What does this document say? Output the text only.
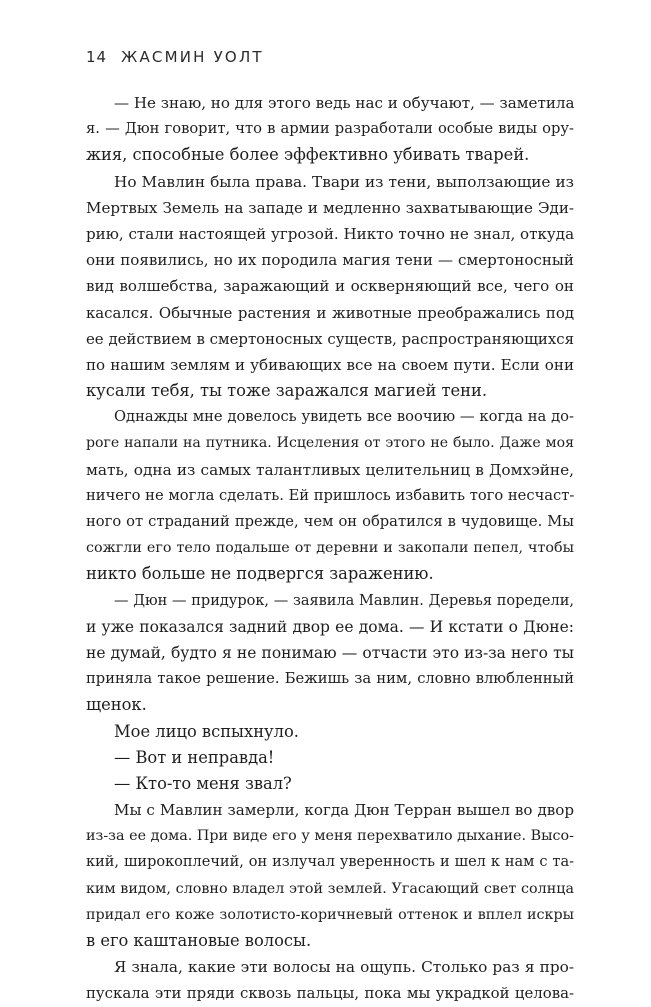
14 ЖАСМИН УОЛТ
— Не знаю, но для этого ведь нас и обучают, — заметила
я. — Дюн говорит, что в армии разработали особые виды ору-
жия, способные более эффективно убивать тварей.
Но Мавлин была права. Твари из тени, выползающие из
Мертвых Земель на западе и медленно захватывающие Эди-
рию, стали настоящей угрозой. Никто точно не знал, откуда
они появились, но их породила магия тени — смертоносный
вид волшебства, заражающий и оскверняющий все, чего он
касался. Обычные растения и животные преображались под
ее действием в смертоносных существ, распространяющихся
по нашим землям и убивающих все на своем пути. Если они
кусали тебя, ты тоже заражался магией тени.
Однажды мне довелось увидеть все воочию — когда на до-
роге напали на путника. Исцеления от этого не было. Даже моя
мать, одна из самых талантливых целительниц в Домхэйне,
ничего не могла сделать. Ей пришлось избавить того несчаст-
ного от страданий прежде, чем он обратился в чудовище. Мы
сожгли его тело подальше от деревни и закопали пепел, чтобы
никто больше не подвергся заражению.
— Дюн — придурок, — заявила Мавлин. Деревья поредели,
и уже показался задний двор ее дома. — И кстати о Дюне:
не думай, будто я не понимаю — отчасти это из-за него ты
приняла такое решение. Бежишь за ним, словно влюбленный
щенок.
Мое лицо вспыхнуло.
— Вот и неправда!
— Кто-то меня звал?
Мы с Мавлин замерли, когда Дюн Терран вышел во двор
из-за ее дома. При виде его у меня перехватило дыхание. Высо-
кий, широкоплечий, он излучал уверенность и шел к нам с та-
ким видом, словно владел этой землей. Угасающий свет солнца
придал его коже золотисто-коричневый оттенок и вплел искры
в его каштановые волосы.
Я знала, какие эти волосы на ощупь. Столько раз я про-
пускала эти пряди сквозь пальцы, пока мы украдкой целова-
